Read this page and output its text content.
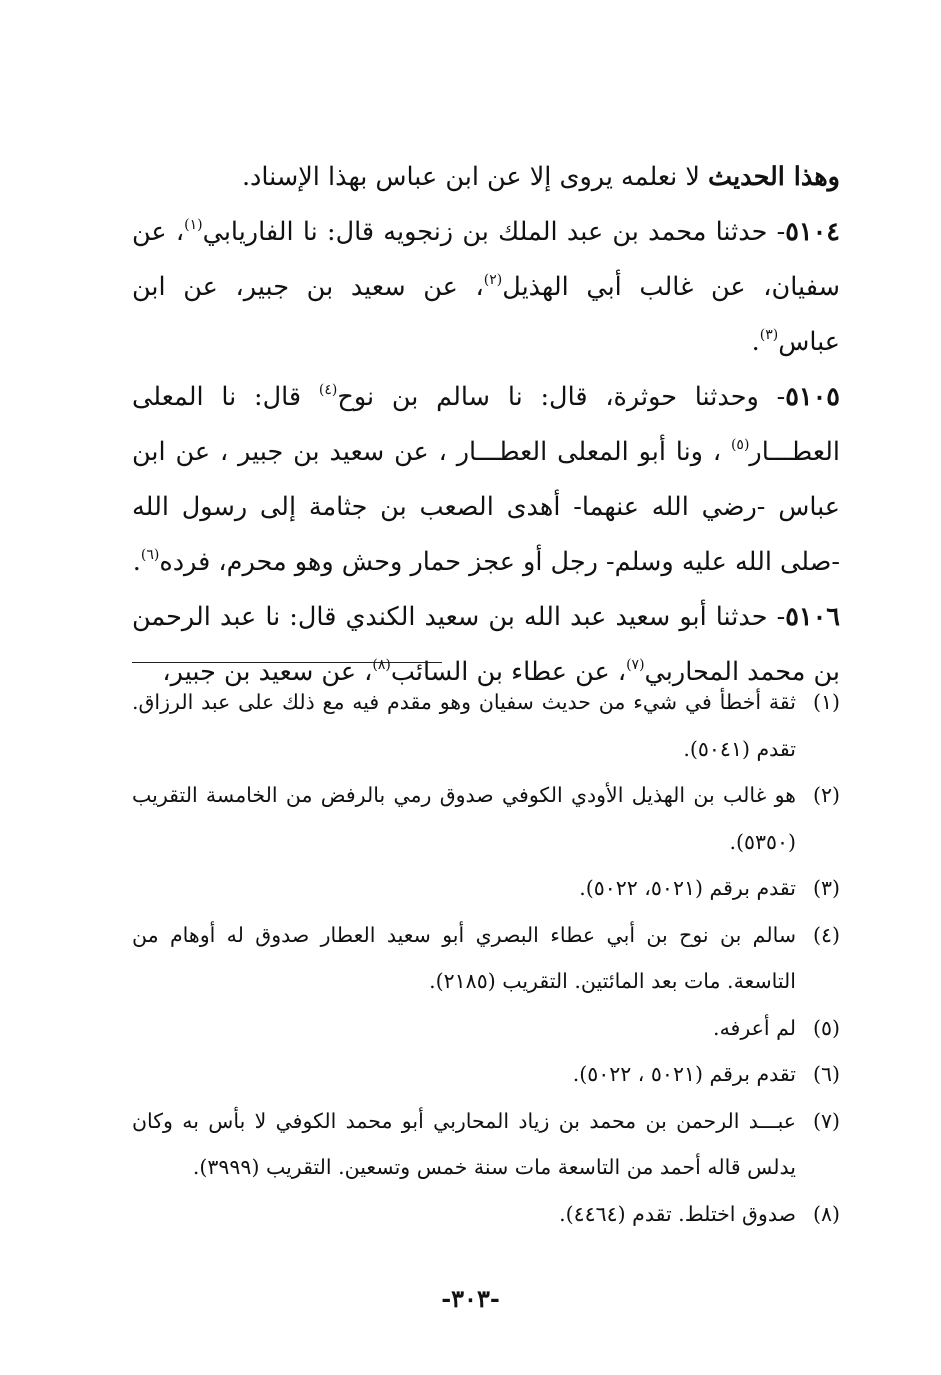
وهذا الحديث لا نعلمه يروى إلا عن ابن عباس بهذا الإسناد.

٥١٠٤- حدثنا محمد بن عبد الملك بن زنجويه قال: نا الفاريابي$^{(١)}$، عن سفيان، عن غالب أبي الهذيل$^{(٢)}$، عن سعيد بن جبير، عن ابن عباس$^{(٣)}$.

٥١٠٥- وحدثنا حوثرة، قال: نا سالم بن نوح$^{(٤)}$ قال: نا المعلى العطـــار$^{(٥)}$ ، ونا أبو المعلى العطـــار ، عن سعيد بن جبير ، عن ابن عباس -رضي الله عنهما- أهدى الصعب بن جثامة إلى رسول الله -صلى الله عليه وسلم- رجل أو عجز حمار وحش وهو محرم، فرده$^{(٦)}$.

٥١٠٦- حدثنا أبو سعيد عبد الله بن سعيد الكندي قال: نا عبد الرحمن بن محمد المحاربي$^{(٧)}$، عن عطاء بن السائب$^{(٨)}$، عن سعيد بن جبير،

(١)ثقة أخطأ في شيء من حديث سفيان وهو مقدم فيه مع ذلك على عبد الرزاق. تقدم (٥٠٤١).
(٢)هو غالب بن الهذيل الأودي الكوفي صدوق رمي بالرفض من الخامسة التقريب (٥٣٥٠).
(٣)تقدم برقم (٥٠٢١، ٥٠٢٢).
(٤)سالم بن نوح بن أبي عطاء البصري أبو سعيد العطار صدوق له أوهام من التاسعة. مات بعد المائتين. التقريب (٢١٨٥).
(٥)لم أعرفه.
(٦)تقدم برقم (٥٠٢١ ، ٥٠٢٢).
(٧)عبـــد الرحمن بن محمد بن زياد المحاربي أبو محمد الكوفي لا بأس به وكان يدلس قاله أحمد من التاسعة مات سنة خمس وتسعين. التقريب (٣٩٩٩).
(٨)صدوق اختلط. تقدم (٤٤٦٤).
-٣٠٣-
